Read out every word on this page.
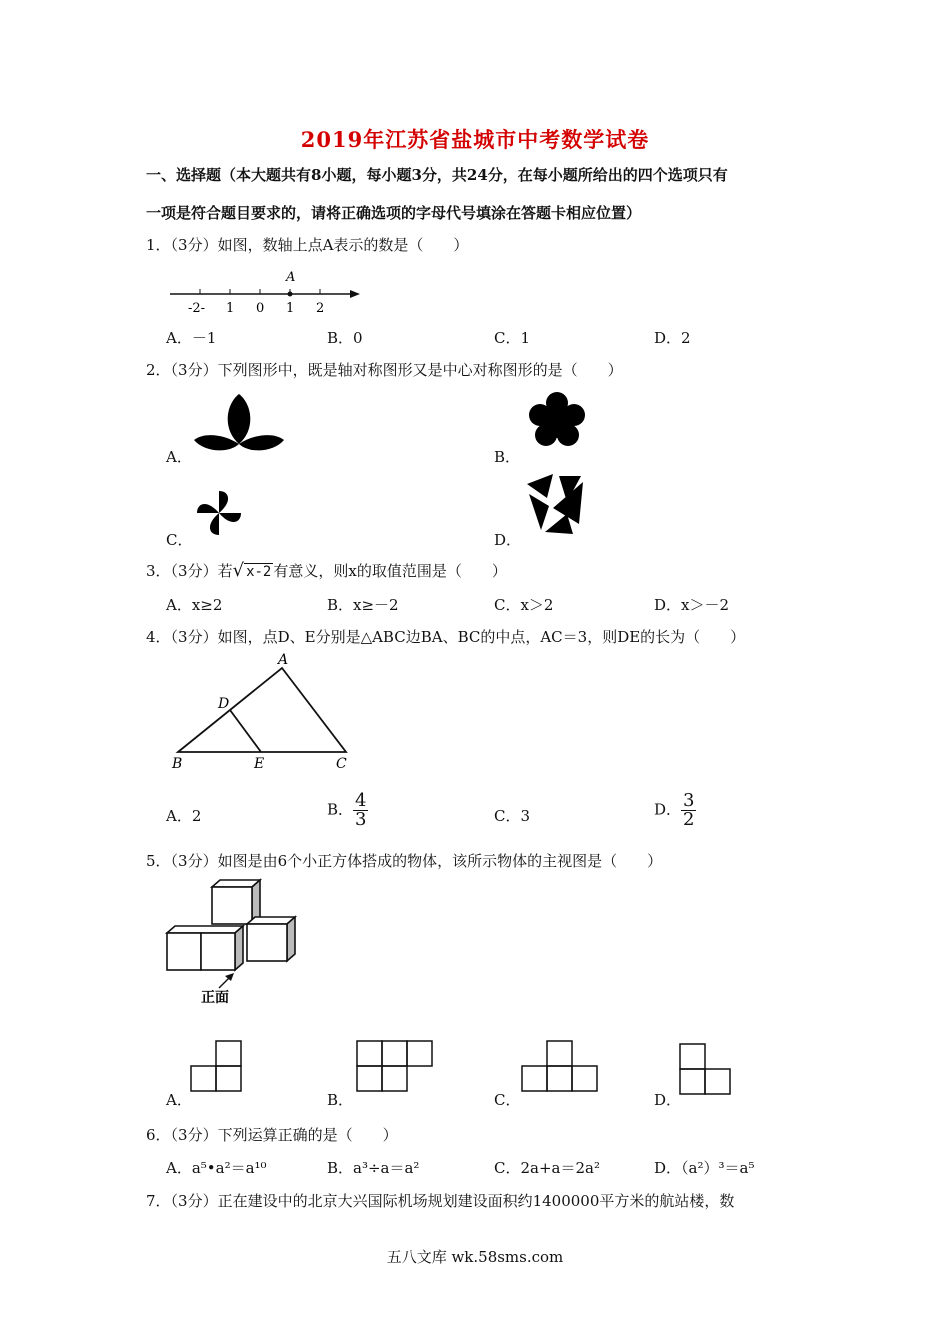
2019年江苏省盐城市中考数学试卷
一、选择题（本大题共有8小题，每小题3分，共24分，在每小题所给出的四个选项只有
一项是符合题目要求的，请将正确选项的字母代号填涂在答题卡相应位置）
1．（3分）如图，数轴上点A表示的数是（　　）
A
-2- 1 0 1 2
A．－1	B．0	C．1	D．2
2．（3分）下列图形中，既是轴对称图形又是中心对称图形的是（　　）
A．	B．
C．	D．
3．（3分）若√ x-2 有意义，则x的取值范围是（　　）
A．x≥2	B．x≥－2	C．x＞2	D．x＞－2
4．（3分）如图，点D、E分别是△ABC边BA、BC的中点，AC＝3，则DE的长为（　　）
A
D
B	E	C
A．2	B． $\frac{4}{3}$	C．3	D． $\frac{3}{2}$
5．（3分）如图是由6个小正方体搭成的物体，该所示物体的主视图是（　　）
正面
A．	B．	C．	D．
6．（3分）下列运算正确的是（　　）
A．a⁵•a²＝a¹⁰	B．a³÷a＝a²	C．2a+a＝2a²	D．（a²）³＝a⁵
7．（3分）正在建设中的北京大兴国际机场规划建设面积约1400000平方米的航站楼，数
五八文库 wk.58sms.com
